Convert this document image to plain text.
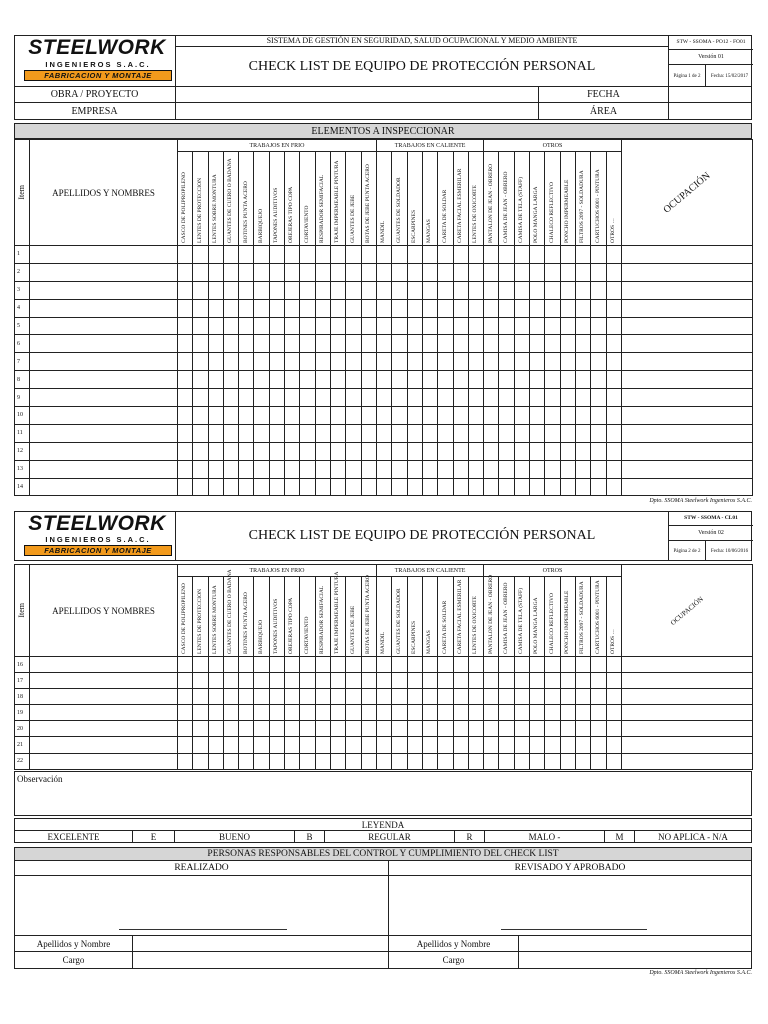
STEELWORK
INGENIEROS S.A.C.
FABRICACION Y MONTAJE
SISTEMA DE GESTIÓN EN SEGURIDAD, SALUD OCUPACIONAL Y MEDIO AMBIENTE
CHECK LIST DE EQUIPO DE PROTECCIÓN PERSONAL
STW - SSOMA - PO12 - FO01
Versión 01
Página 1 de 2	Fecha: 15/02/2017
OBRA / PROYECTO	FECHA
EMPRESA	ÁREA
ELEMENTOS A INSPECCIONAR
Item	APELLIDOS Y NOMBRES	TRABAJOS EN FRIO													TRABAJOS EN CALIENTE							OTROS									OCUPACIÓN

		CASCO DE POLIPROPILENO	LENTES DE PROTECCION	LENTES SOBRE MONTURA	GUANTES DE CUERO O BADANA	BOTINES PUNTA ACERO	BARBIQUEJO	TAPONES AUDITIVOS	OREJERAS TIPO COPA	CORTAVIENTO	RESPIRADOR SEMIFACIAL	TRAJE IMPERMEABLE PINTURA	GUANTES DE JEBE	BOTAS DE JEBE PUNTA ACERO	MANDIL	GUANTES DE SOLDADOR	ESCARPINES	MANGAS	CARETA DE SOLDAR	CARETA FACIAL ESMERILAR	LENTES DE OXICORTE	PANTALON DE JEAN - OBRERO	CAMISA DE JEAN - OBRERO	CAMISA DE TELA (STAFF)	POLO MANGA LARGA	CHALECO REFLECTIVO	PONCHO IMPERMEABLE	FILTROS 2097 - SOLDADURA	CARTUCHOS 6001 - PINTURA	OTROS …	

1																															
2																															
3																															
4																															
5																															
6																															
7																															
8																															
9																															
10																															
11																															
12																															
13																															
14																															
Dpto. SSOMA Steelwork Ingenieros S.A.C.
STEELWORK
INGENIEROS S.A.C.
FABRICACION Y MONTAJE
CHECK LIST DE EQUIPO DE PROTECCIÓN PERSONAL
STW - SSOMA - CL01
Versión 02
Página 2 de 2	Fecha: 10/06/2016
Item	APELLIDOS Y NOMBRES	TRABAJOS EN FRIO													TRABAJOS EN CALIENTE							OTROS									OCUPACIÓN

		CASCO DE POLIPROPILENO	LENTES DE PROTECCION	LENTES SOBRE MONTURA	GUANTES DE CUERO O BADANA	BOTINES PUNTA ACERO	BARBIQUEJO	TAPONES AUDITIVOS	OREJERAS TIPO COPA	CORTAVIENTO	RESPIRADOR SEMIFACIAL	TRAJE IMPERMEABLE PINTURA	GUANTES DE JEBE	BOTAS DE JEBE PUNTA ACERO	MANDIL	GUANTES DE SOLDADOR	ESCARPINES	MANGAS	CARETA DE SOLDAR	CARETA FACIAL ESMERILAR	LENTES DE OXICORTE	PANTALON DE JEAN - OBRERO	CAMISA DE JEAN - OBRERO	CAMISA DE TELA (STAFF)	POLO MANGA LARGA	CHALECO REFLECTIVO	PONCHO IMPERMEABLE	FILTROS 2097 - SOLDADURA	CARTUCHOS 6001 - PINTURA	OTROS …	

16																															
17																															
18																															
19																															
20																															
21																															
22																															
Observación
LEYENDA
EXCELENTE	E	BUENO	B	REGULAR	R	MALO -	M	NO APLICA - N/A
PERSONAS RESPONSABLES DEL CONTROL Y CUMPLIMIENTO DEL CHECK LIST
REALIZADO	REVISADO Y APROBADO
Apellidos y Nombre	Apellidos y Nombre
Cargo	Cargo
Dpto. SSOMA Steelwork Ingenieros S.A.C.
